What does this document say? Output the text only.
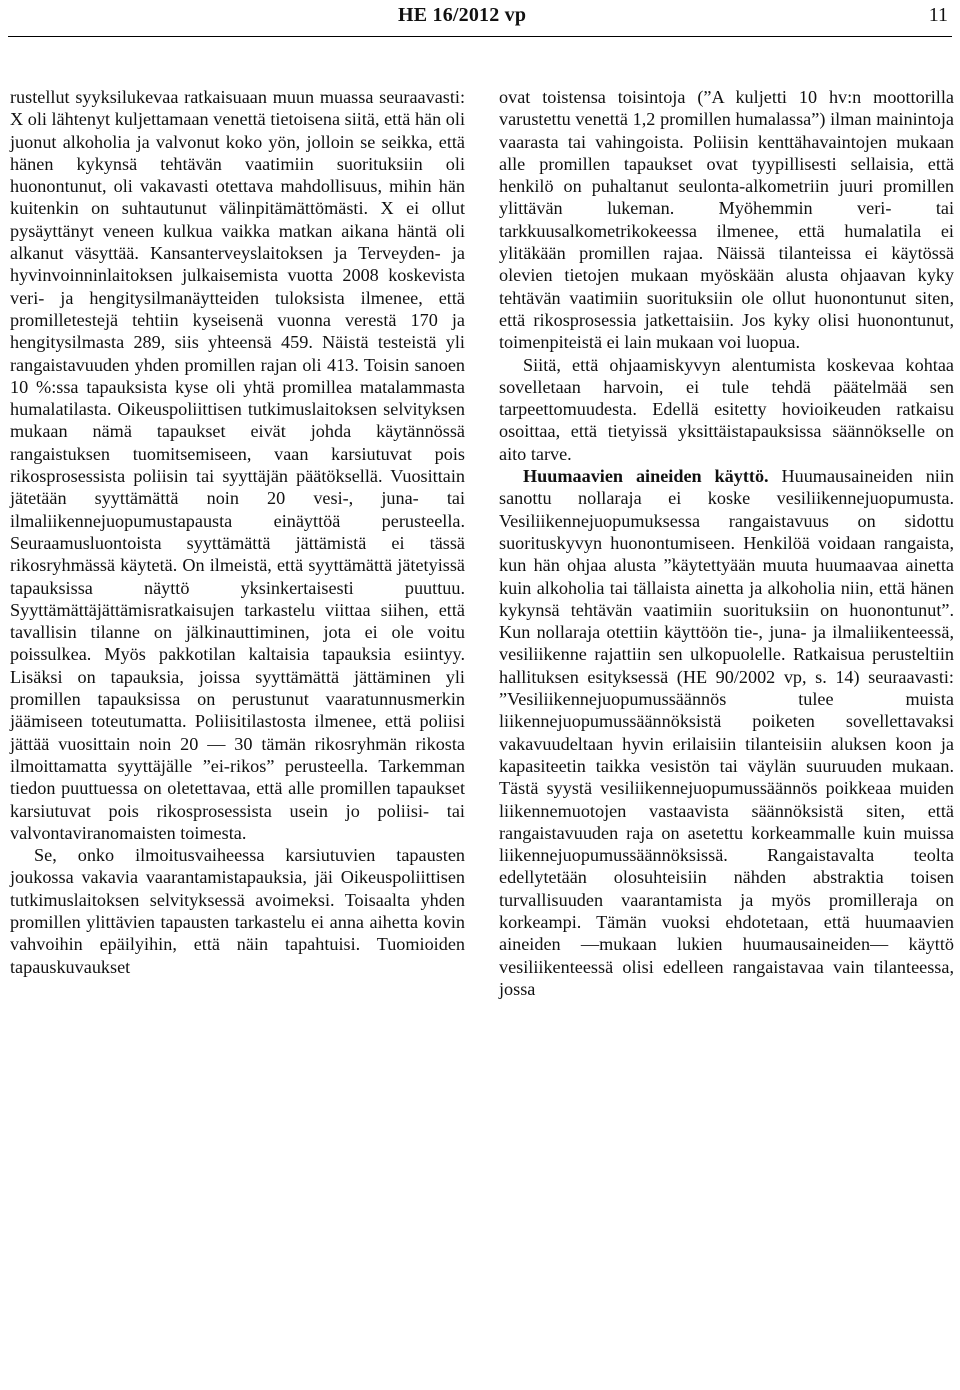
HE 16/2012 vp	11

rustellut syyksilukevaa ratkaisuaan muun muassa seuraavasti: X oli lähtenyt kuljettamaan venettä tietoisena siitä, että hän oli juonut alkoholia ja valvonut koko yön, jolloin se seikka, että hänen kykynsä tehtävän vaatimiin suorituksiin oli huonontunut, oli vakavasti otettava mahdollisuus, mihin hän kuitenkin on suhtautunut välinpitämättömästi. X ei ollut pysäyttänyt veneen kulkua vaikka matkan aikana häntä oli alkanut väsyttää. Kansanterveyslaitoksen ja Terveyden- ja hyvinvoinninlaitoksen julkaisemista vuotta 2008 koskevista veri- ja hengitysilmanäytteiden tuloksista ilmenee, että promilletestejä tehtiin kyseisenä vuonna verestä 170 ja hengitysilmasta 289, siis yhteensä 459. Näistä testeistä yli rangaistavuuden yhden promillen rajan oli 413. Toisin sanoen 10 %:ssa tapauksista kyse oli yhtä promillea matalammasta humalatilasta. Oikeuspoliittisen tutkimuslaitoksen selvityksen mukaan nämä tapaukset eivät johda käytännössä rangaistuksen tuomitsemiseen, vaan karsiutuvat pois rikosprosessista poliisin tai syyttäjän päätöksellä. Vuosittain jätetään syyttämättä noin 20 vesi-, juna- tai ilmaliikennejuopumustapausta einäyttöä perusteella. Seuraamusluontoista syyttämättä jättämistä ei tässä rikosryhmässä käytetä. On ilmeistä, että syyttämättä jätetyissä tapauksissa näyttö yksinkertaisesti puuttuu. Syyttämättäjättämisratkaisujen tarkastelu viittaa siihen, että tavallisin tilanne on jälkinauttiminen, jota ei ole voitu poissulkea. Myös pakkotilan kaltaisia tapauksia esiintyy. Lisäksi on tapauksia, joissa syyttämättä jättäminen yli promillen tapauksissa on perustunut vaaratunnusmerkin jäämiseen toteutumatta. Poliisitilastosta ilmenee, että poliisi jättää vuosittain noin 20 — 30 tämän rikosryhmän rikosta ilmoittamatta syyttäjälle ”ei-rikos” perusteella. Tarkemman tiedon puuttuessa on oletettavaa, että alle promillen tapaukset karsiutuvat pois rikosprosessista usein jo poliisi- tai valvontaviranomaisten toimesta.

Se, onko ilmoitusvaiheessa karsiutuvien tapausten joukossa vakavia vaarantamistapauksia, jäi Oikeuspoliittisen tutkimuslaitoksen selvityksessä avoimeksi. Toisaalta yhden promillen ylittävien tapausten tarkastelu ei anna aihetta kovin vahvoihin epäilyihin, että näin tapahtuisi. Tuomioiden tapauskuvaukset

ovat toistensa toisintoja (”A kuljetti 10 hv:n moottorilla varustettu venettä 1,2 promillen humalassa”) ilman mainintoja vaarasta tai vahingoista. Poliisin kenttähavaintojen mukaan alle promillen tapaukset ovat tyypillisesti sellaisia, että henkilö on puhaltanut seulonta-alkometriin juuri promillen ylittävän lukeman. Myöhemmin veri- tai tarkkuusalkometrikokeessa ilmenee, että humalatila ei ylitäkään promillen rajaa. Näissä tilanteissa ei käytössä olevien tietojen mukaan myöskään alusta ohjaavan kyky tehtävän vaatimiin suorituksiin ole ollut huonontunut siten, että rikosprosessia jatkettaisiin. Jos kyky olisi huonontunut, toimenpiteistä ei lain mukaan voi luopua.

Siitä, että ohjaamiskyvyn alentumista koskevaa kohtaa sovelletaan harvoin, ei tule tehdä päätelmää sen tarpeettomuudesta. Edellä esitetty hovioikeuden ratkaisu osoittaa, että tietyissä yksittäistapauksissa säännökselle on aito tarve.

Huumaavien aineiden käyttö. Huumausaineiden niin sanottu nollaraja ei koske vesiliikennejuopumusta. Vesiliikennejuopumuksessa rangaistavuus on sidottu suorituskyvyn huonontumiseen. Henkilöä voidaan rangaista, kun hän ohjaa alusta ”käytettyään muuta huumaavaa ainetta kuin alkoholia tai tällaista ainetta ja alkoholia niin, että hänen kykynsä tehtävän vaatimiin suorituksiin on huonontunut”. Kun nollaraja otettiin käyttöön tie-, juna- ja ilmaliikenteessä, vesiliikenne rajattiin sen ulkopuolelle. Ratkaisua perusteltiin hallituksen esityksessä (HE 90/2002 vp, s. 14) seuraavasti: ”Vesiliikennejuopumussäännös tulee muista liikennejuopumussäännöksistä poiketen sovellettavaksi vakavuudeltaan hyvin erilaisiin tilanteisiin aluksen koon ja kapasiteetin taikka vesistön tai väylän suuruuden mukaan. Tästä syystä vesiliikennejuopumussäännös poikkeaa muiden liikennemuotojen vastaavista säännöksistä siten, että rangaistavuuden raja on asetettu korkeammalle kuin muissa liikennejuopumussäännöksissä. Rangaistavalta teolta edellytetään olosuhteisiin nähden abstraktia toisen turvallisuuden vaarantamista ja myös promilleraja on korkeampi. Tämän vuoksi ehdotetaan, että huumaavien aineiden —mukaan lukien huumausaineiden— käyttö vesiliikenteessä olisi edelleen rangaistavaa vain tilanteessa, jossa
